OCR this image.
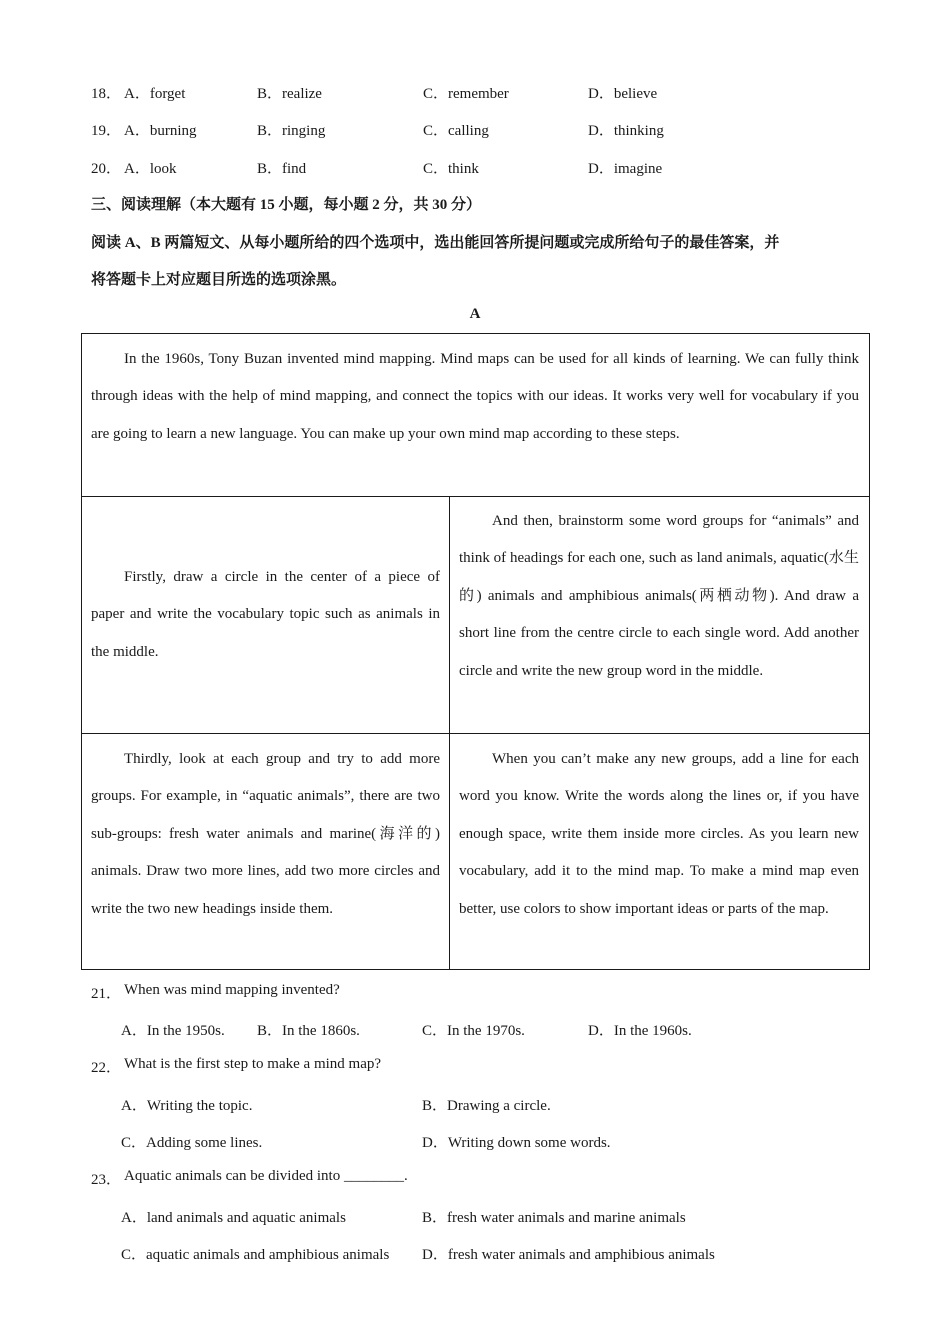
18． A．forget	B．realize	C．remember	D．believe
19． A．burning	B．ringing	C．calling	D．thinking
20． A．look	B．find	C．think	D．imagine
三、阅读理解（本大题有 15 小题，每小题 2 分，共 30 分）
阅读 A、B 两篇短文、从每小题所给的四个选项中，选出能回答所提问题或完成所给句子的最佳答案，并
将答题卡上对应题目所选的选项涂黑。
A
In the 1960s, Tony Buzan invented mind mapping. Mind maps can be used for all kinds of learning. We can fully think through ideas with the help of mind mapping, and connect the topics with our ideas. It works very well for vocabulary if you are going to learn a new language. You can make up your own mind map according to these steps.
Firstly, draw a circle in the center of a piece of paper and write the vocabulary topic such as animals in the middle.
And then, brainstorm some word groups for “animals” and think of headings for each one, such as land animals, aquatic(水生的) animals and amphibious animals(两栖动物). And draw a short line from the centre circle to each single word. Add another circle and write the new group word in the middle.
Thirdly, look at each group and try to add more groups. For example, in “aquatic animals”, there are two sub-groups: fresh water animals and marine(海洋的) animals. Draw two more lines, add two more circles and write the two new headings inside them.
When you can’t make any new groups, add a line for each word you know. Write the words along the lines or, if you have enough space, write them inside more circles. As you learn new vocabulary, add it to the mind map. To make a mind map even better, use colors to show important ideas or parts of the map.
21． When was mind mapping invented?
A．In the 1950s. B．In the 1860s.	C．In the 1970s.	D．In the 1960s.
22． What is the first step to make a mind map?
A．Writing the topic.	B．Drawing a circle.
C．Adding some lines.	D．Writing down some words.
23． Aquatic animals can be divided into ________.
A．land animals and aquatic animals	B．fresh water animals and marine animals
C．aquatic animals and amphibious animals D．fresh water animals and amphibious animals
